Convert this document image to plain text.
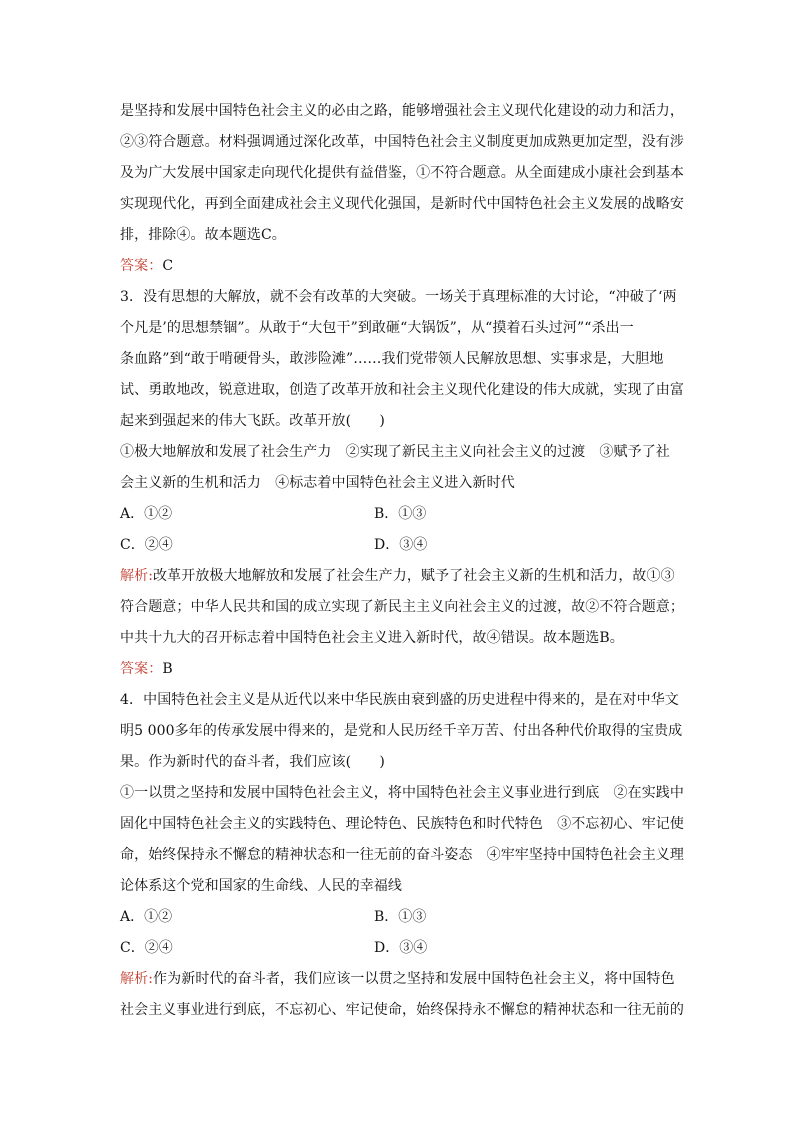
是坚持和发展中国特色社会主义的必由之路，能够增强社会主义现代化建设的动力和活力，
②③符合题意。材料强调通过深化改革，中国特色社会主义制度更加成熟更加定型，没有涉
及为广大发展中国家走向现代化提供有益借鉴，①不符合题意。从全面建成小康社会到基本
实现现代化，再到全面建成社会主义现代化强国，是新时代中国特色社会主义发展的战略安
排，排除④。故本题选C。
答案：C
3．没有思想的大解放，就不会有改革的大突破。一场关于真理标准的大讨论，“冲破了‘两
个凡是’的思想禁锢”。从敢于“大包干”到敢砸“大锅饭”，从“摸着石头过河”“杀出一
条血路”到“敢于啃硬骨头，敢涉险滩”……我们党带领人民解放思想、实事求是，大胆地
试、勇敢地改，锐意进取，创造了改革开放和社会主义现代化建设的伟大成就，实现了由富
起来到强起来的伟大飞跃。改革开放(　　)
①极大地解放和发展了社会生产力　②实现了新民主主义向社会主义的过渡　③赋予了社
会主义新的生机和活力　④标志着中国特色社会主义进入新时代
A．①②	B．①③
C．②④	D．③④
解析:改革开放极大地解放和发展了社会生产力，赋予了社会主义新的生机和活力，故①③
符合题意；中华人民共和国的成立实现了新民主主义向社会主义的过渡，故②不符合题意；
中共十九大的召开标志着中国特色社会主义进入新时代，故④错误。故本题选B。
答案：B
4．中国特色社会主义是从近代以来中华民族由衰到盛的历史进程中得来的，是在对中华文
明5 000多年的传承发展中得来的，是党和人民历经千辛万苦、付出各种代价取得的宝贵成
果。作为新时代的奋斗者，我们应该(　　)
①一以贯之坚持和发展中国特色社会主义，将中国特色社会主义事业进行到底　②在实践中
固化中国特色社会主义的实践特色、理论特色、民族特色和时代特色　③不忘初心、牢记使
命，始终保持永不懈怠的精神状态和一往无前的奋斗姿态　④牢牢坚持中国特色社会主义理
论体系这个党和国家的生命线、人民的幸福线
A．①②	B．①③
C．②④	D．③④
解析:作为新时代的奋斗者，我们应该一以贯之坚持和发展中国特色社会主义，将中国特色
社会主义事业进行到底，不忘初心、牢记使命，始终保持永不懈怠的精神状态和一往无前的
